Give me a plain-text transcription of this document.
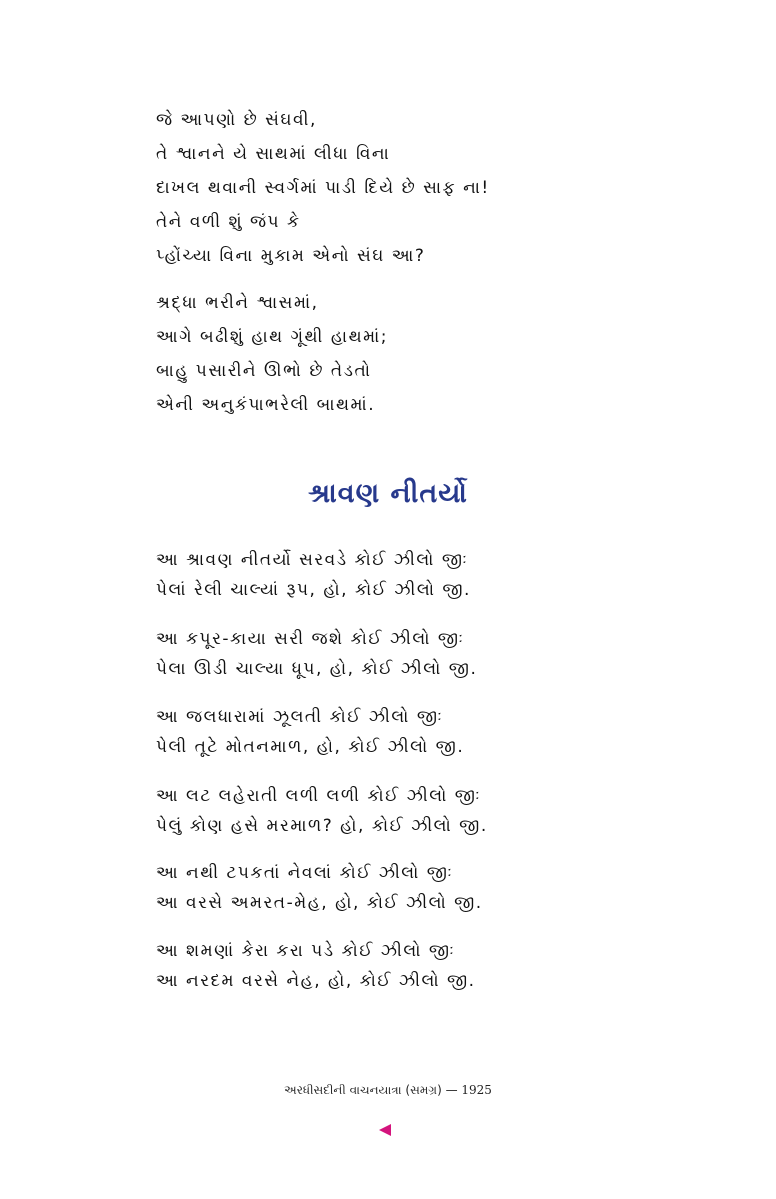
જે આપણો છે સંઘવી,
તે શ્વાનને યે સાથમાં લીધા વિના
દાખલ થવાની સ્વર્ગમાં પાડી દિયે છે સાફ ના!
તેને વળી શું જંપ કે
પ્હોંચ્યા વિના મુકામ એનો સંઘ આ?
શ્રદ્ધા ભરીને શ્વાસમાં,
આગે બઢીશું હાથ ગૂંથી હાથમાં;
બાહુ પસારીને ઊભો છે તેડતો
એની અનુકંપાભરેલી બાથમાં.
શ્રાવણ નીતર્યો
આ શ્રાવણ નીતર્યો સરવડે કોઈ ઝીલો જીઃ
પેલાં રેલી ચાલ્યાં રૂપ, હો, કોઈ ઝીલો જી.
આ કપૂર-કાયા સરી જશે કોઈ ઝીલો જીઃ
પેલા ઊડી ચાલ્યા ધૂપ, હો, કોઈ ઝીલો જી.
આ જલધારામાં ઝૂલતી કોઈ ઝીલો જીઃ
પેલી તૂટે મોતનમાળ, હો, કોઈ ઝીલો જી.
આ લટ લહેરાતી લળી લળી કોઈ ઝીલો જીઃ
પેલું કોણ હસે મરમાળ? હો, કોઈ ઝીલો જી.
આ નથી ટપકતાં નેવલાં કોઈ ઝીલો જીઃ
આ વરસે અમરત-મેહ, હો, કોઈ ઝીલો જી.
આ શમણાં કેરા કરા પડે કોઈ ઝીલો જીઃ
આ નરદમ વરસે નેહ, હો, કોઈ ઝીલો જી.
અરધીસદીની વાચનયાત્રા (સમગ્ર) — 1925
